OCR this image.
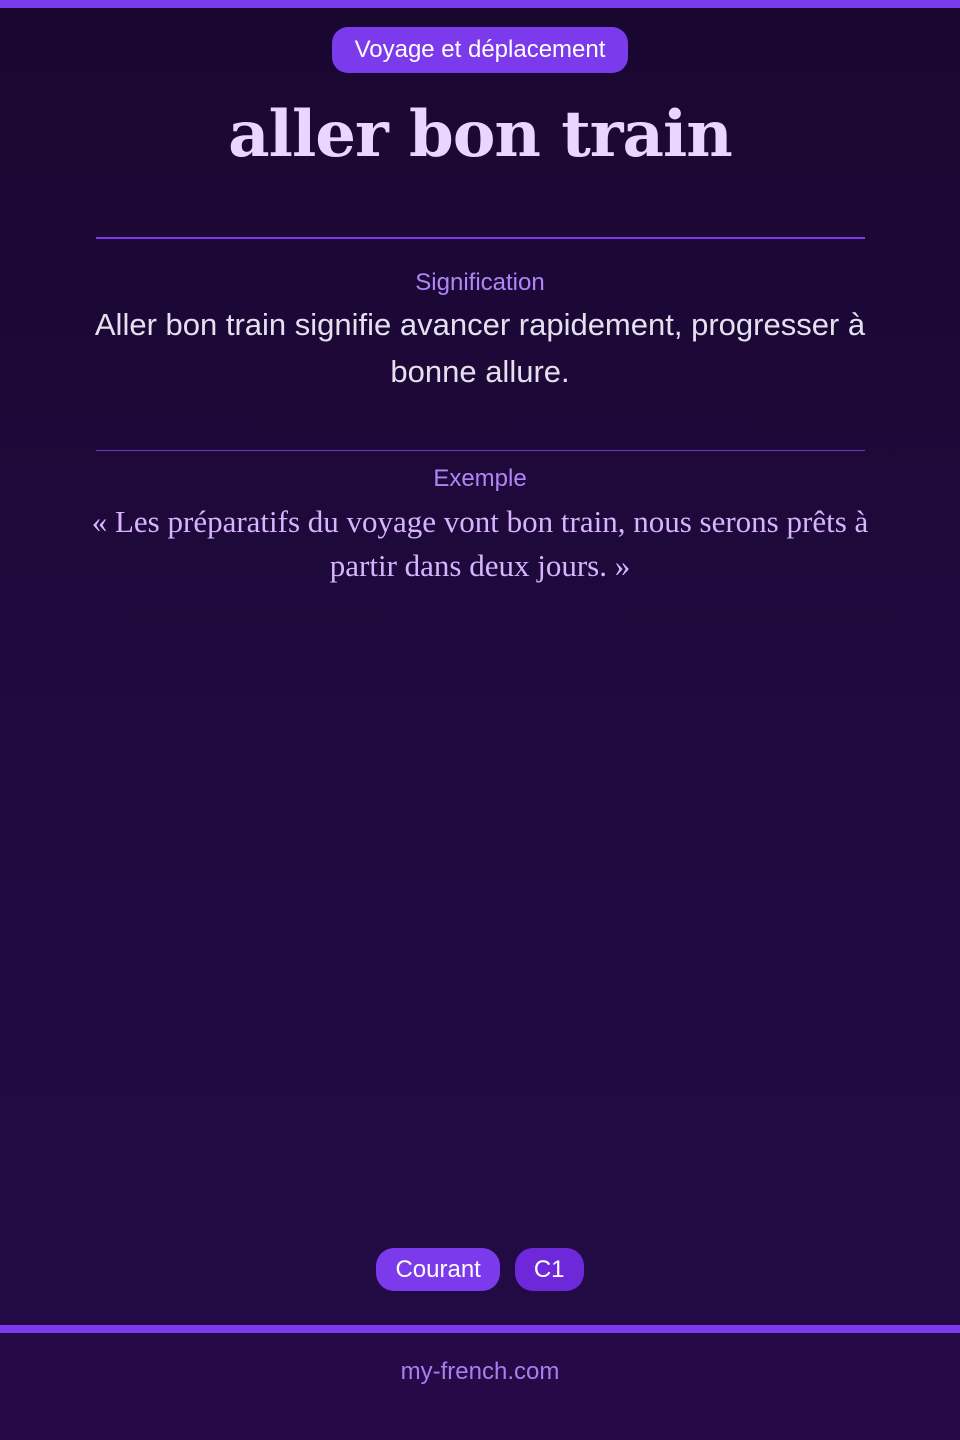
Voyage et déplacement
aller bon train
Signification

Aller bon train signifie avancer rapidement, progresser à bonne allure.

Exemple

« Les préparatifs du voyage vont bon train, nous serons prêts à partir dans deux jours. »

Courant	C1
my-french.com
